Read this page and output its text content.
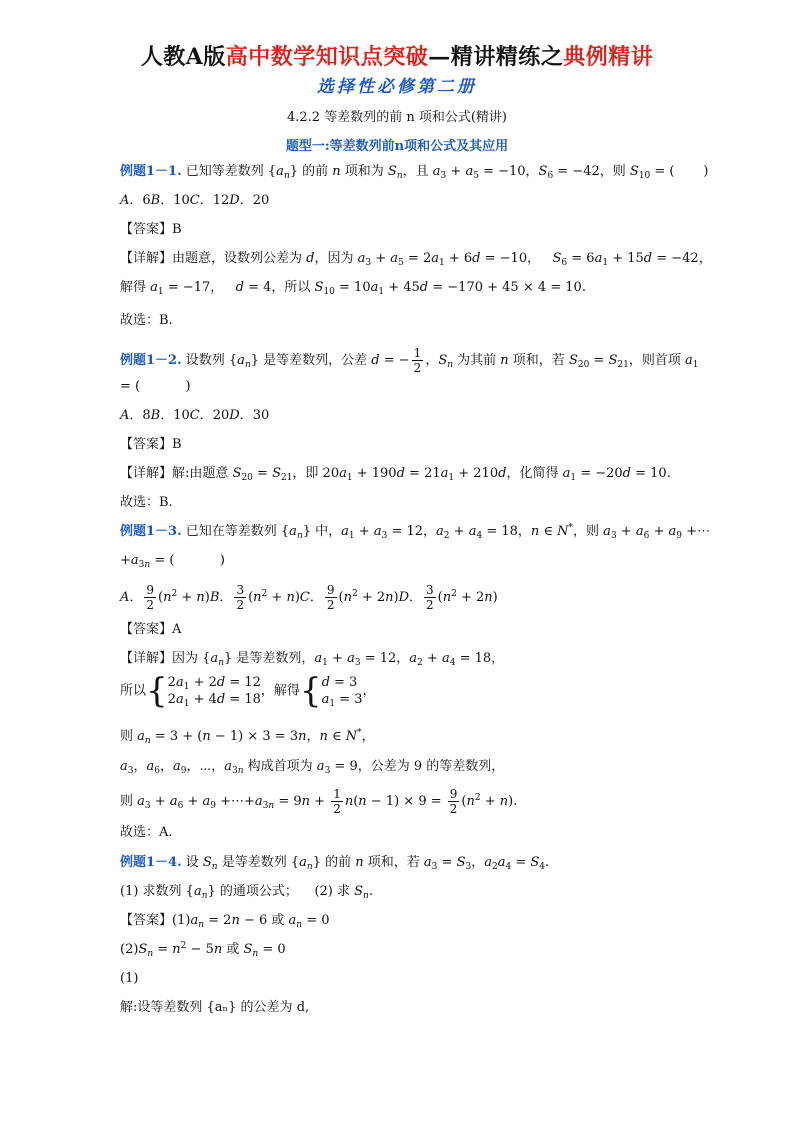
人教A版高中数学知识点突破—精讲精练之典例精讲
选择性必修第二册
4.2.2 等差数列的前 n 项和公式(精讲)
题型一:等差数列前n项和公式及其应用
例题1－1. 已知等差数列 $\{a_n\}$ 的前 n 项和为 $S_n$，且 $a_3 + a_5 = -10$，$S_6 = -42$，则 $S_{10}$ = (       )
A．6B．10C．12D．20
【答案】B
【详解】由题意，设数列公差为 d，因为 $a_3 + a_5 = 2a_1 + 6d = -10$，   $S_6 = 6a_1 + 15d = -42$，
解得 $a_1 = -17$，   d = 4，所以 $S_{10} = 10a_1 + 45d = -170 + 45 \times 4 = 10$.
故选：B.
例题1－2. 设数列 $\{a_n\}$ 是等差数列，公差 d = − $\frac{1}{2}$ ，$S_n$ 为其前 n 项和，若 $S_{20} = S_{21}$，则首项 $a_1$
= (           )
A．8B．10C．20D．30
【答案】B
【详解】解:由题意 $S_{20} = S_{21}$，即 $20a_1 + 190d = 21a_1 + 210d$，化简得 $a_1 = -20d = 10$.
故选：B.
例题1－3. 已知在等差数列 $\{a_n\}$ 中，$a_1 + a_3 = 12$，$a_2 + a_4 = 18$，n ∈ N*，则 $a_3 + a_6 + a_9$ +⋯
$+a_{3n}$ = (           )
A． $\frac{9}{2} (n^2 + n)B$． $\frac{3}{2} (n^2 + n)C$． $\frac{9}{2} (n^2 + 2n)D$． $\frac{3}{2} (n^2 + 2n)$
【答案】A
【详解】因为 $\{a_n\}$ 是等差数列，$a_1 + a_3 = 12$，$a_2 + a_4 = 18$，
所以{$2a_1 + 2d = 12$
$2a_1 + 4d = 18$，解得{d = 3
$a_1 = 3$，
则 $a_n = 3 + (n - 1) \times 3 = 3n$，n ∈ N*，
$a_3$，$a_6$，$a_9$，⋯，$a_{3n}$ 构成首项为 $a_3 = 9$，公差为 9 的等差数列，
则 $a_3 + a_6 + a_9$ $+\cdots+a_{3n} = 9n + \frac{1}{2} n(n - 1) \times 9 = \frac{9}{2} (n^2 + n)$.
故选：A.
例题1－4. 设 $S_n$ 是等差数列 $\{a_n\}$ 的前 n 项和，若 $a_3 = S_3$，$a_2a_4 = S_4$.
(1) 求数列 $\{a_n\}$ 的通项公式；    (2) 求 $S_n$.
【答案】$(1)a_n = 2n - 6$ 或 $a_n = 0$
$(2)S_n = n^2 - 5n$ 或 $S_n = 0$
(1)
解:设等差数列 {aₙ} 的公差为 d,
